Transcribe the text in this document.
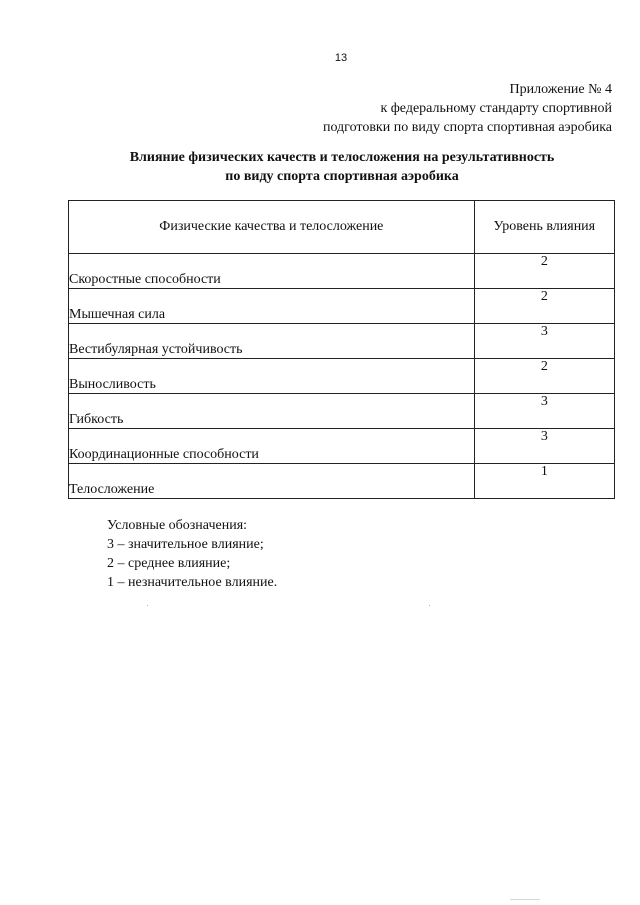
13
Приложение № 4
к федеральному стандарту спортивной
подготовки по виду спорта спортивная аэробика
Влияние физических качеств и телосложения на результативность
по виду спорта спортивная аэробика
Физические качества и телосложение	Уровень влияния
Скоростные способности	2
Мышечная сила	2
Вестибулярная устойчивость	3
Выносливость	2
Гибкость	3
Координационные способности	3
Телосложение	1
Условные обозначения:
3 – значительное влияние;
2 – среднее влияние;
1 – незначительное влияние.
